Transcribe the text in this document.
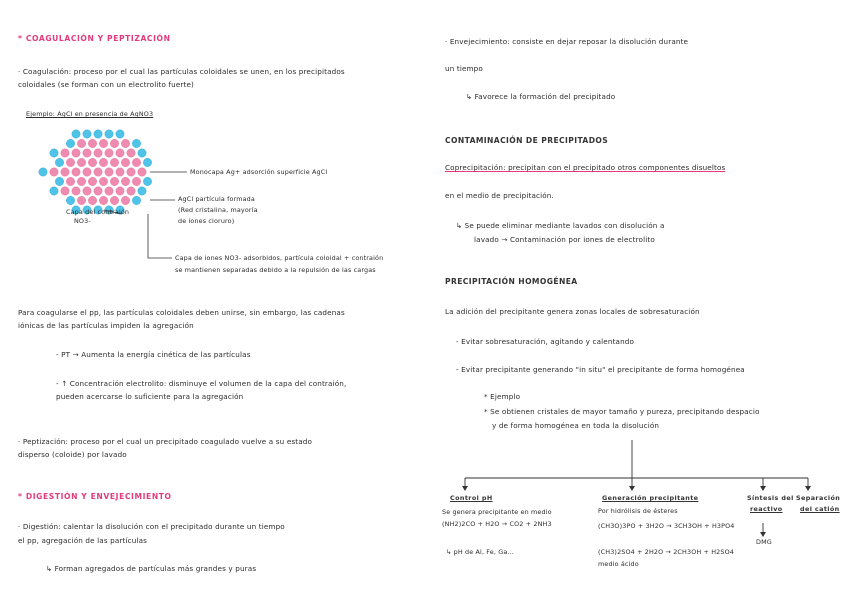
* COAGULACIÓN Y PEPTIZACIÓN
· Coagulación: proceso por el cual las partículas coloidales se unen, en los precipitados
coloidales (se forman con un electrolito fuerte)
Ejemplo: AgCl en presencia de AgNO3
Monocapa Ag+ adsorción superficie AgCl
AgCl partícula formada
(Red cristalina, mayoría
de iones cloruro)
Capa del contraión
NO3-
Capa de iones NO3- adsorbidos, partícula coloidal + contraión
se mantienen separadas debido a la repulsión de las cargas
Para coagularse el pp, las partículas coloidales deben unirse, sin embargo, las cadenas
iónicas de las partículas impiden la agregación
- PT → Aumenta la energía cinética de las partículas
- ↑ Concentración electrolito: disminuye el volumen de la capa del contraión,
pueden acercarse lo suficiente para la agregación
· Peptización: proceso por el cual un precipitado coagulado vuelve a su estado
disperso (coloide) por lavado
* DIGESTIÓN Y ENVEJECIMIENTO
· Digestión: calentar la disolución con el precipitado durante un tiempo
el pp, agregación de las partículas
↳ Forman agregados de partículas más grandes y puras
· Envejecimiento: consiste en dejar reposar la disolución durante
un tiempo
↳ Favorece la formación del precipitado
CONTAMINACIÓN DE PRECIPITADOS
Coprecipitación: precipitan con el precipitado otros componentes disueltos
en el medio de precipitación.
↳ Se puede eliminar mediante lavados con disolución a
lavado → Contaminación por iones de electrolito
PRECIPITACIÓN HOMOGÉNEA
La adición del precipitante genera zonas locales de sobresaturación
- Evitar sobresaturación, agitando y calentando
- Evitar precipitante generando "in situ" el precipitante de forma homogénea
* Ejemplo
* Se obtienen cristales de mayor tamaño y pureza, precipitando despacio
y de forma homogénea en toda la disolución
Control pH
Se genera precipitante en medio
(NH2)2CO + H2O → CO2 + 2NH3
↳ pH de Al, Fe, Ga...
Generación precipitante
Por hidrólisis de ésteres
(CH3O)3PO + 3H2O → 3CH3OH + H3PO4
(CH3)2SO4 + 2H2O → 2CH3OH + H2SO4
medio ácido
Síntesis del
reactivo
DMG
Separación
del catión
